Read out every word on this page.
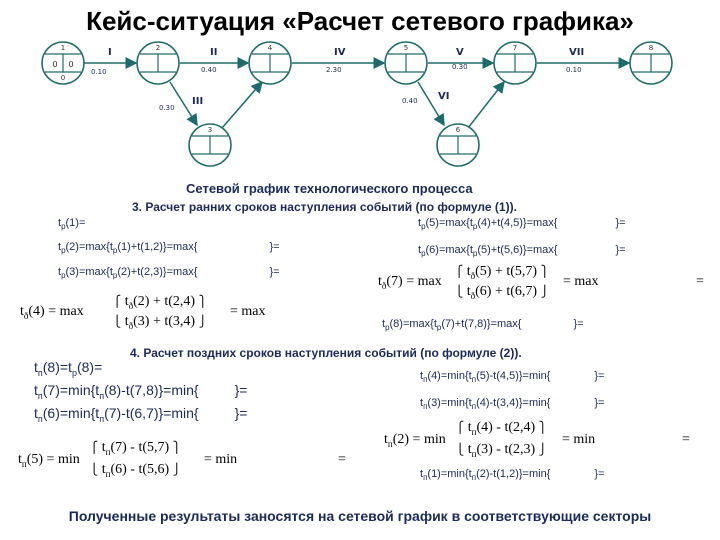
Кейс-ситуация «Расчет сетевого графика»
1
0 0
0
2
3
4	5
6
7	8
I
0.10
II
0.40
III
0.30
IV
2.30
V
0.30
VI
0.40
VII
0.10
Сетевой график технологического процесса
3. Расчет ранних сроков наступления событий (по формуле (1)).
$t_р(1)=$
$t_р(2)=\max\{t_р(1)+t(1,2)\}=\max${	}=
$t_р(3)=\max\{t_р(2)+t(2,3)\}=\max${	}=
$t_ð(4) = \max$
⎧ $t_ð(2) + t(2,4)$ ⎫
⎩ $t_ð(3) + t(3,4)$ ⎭
= max
$t_р(5)=\max\{t_р(4)+t(4,5)\}=\max${	}=
$t_р(6)=\max\{t_р(5)+t(5,6)\}=\max${	}=
$t_ð(7) = \max$
⎧ $t_ð(5) + t(5,7)$ ⎫
⎩ $t_ð(6) + t(6,7)$ ⎭
= max	=
$t_р(8)=\max\{t_р(7)+t(7,8)\}=\max${	}=
4. Расчет поздних сроков наступления событий (по формуле (2)).
$t_п(8)=t_р(8)=$
$t_п(7)=\min\{t_п(8)-t(7,8)\}=\min${	}=
$t_п(6)=\min\{t_п(7)-t(6,7)\}=\min${	}=
$t_п(5) = \min$
⎧ $t_п(7) - t(5,7)$ ⎫
⎩ $t_п(6) - t(5,6)$ ⎭
= min	=
$t_п(4)=\min\{t_п(5)-t(4,5)\}=\min${	}=
$t_п(3)=\min\{t_п(4)-t(3,4)\}=\min${	}=
$t_п(2) = \min$
⎧ $t_п(4) - t(2,4)$ ⎫
⎩ $t_п(3) - t(2,3)$ ⎭
= min	=
$t_п(1)=\min\{t_п(2)-t(1,2)\}=\min${	}=
Полученные результаты заносятся на сетевой график в соответствующие секторы
